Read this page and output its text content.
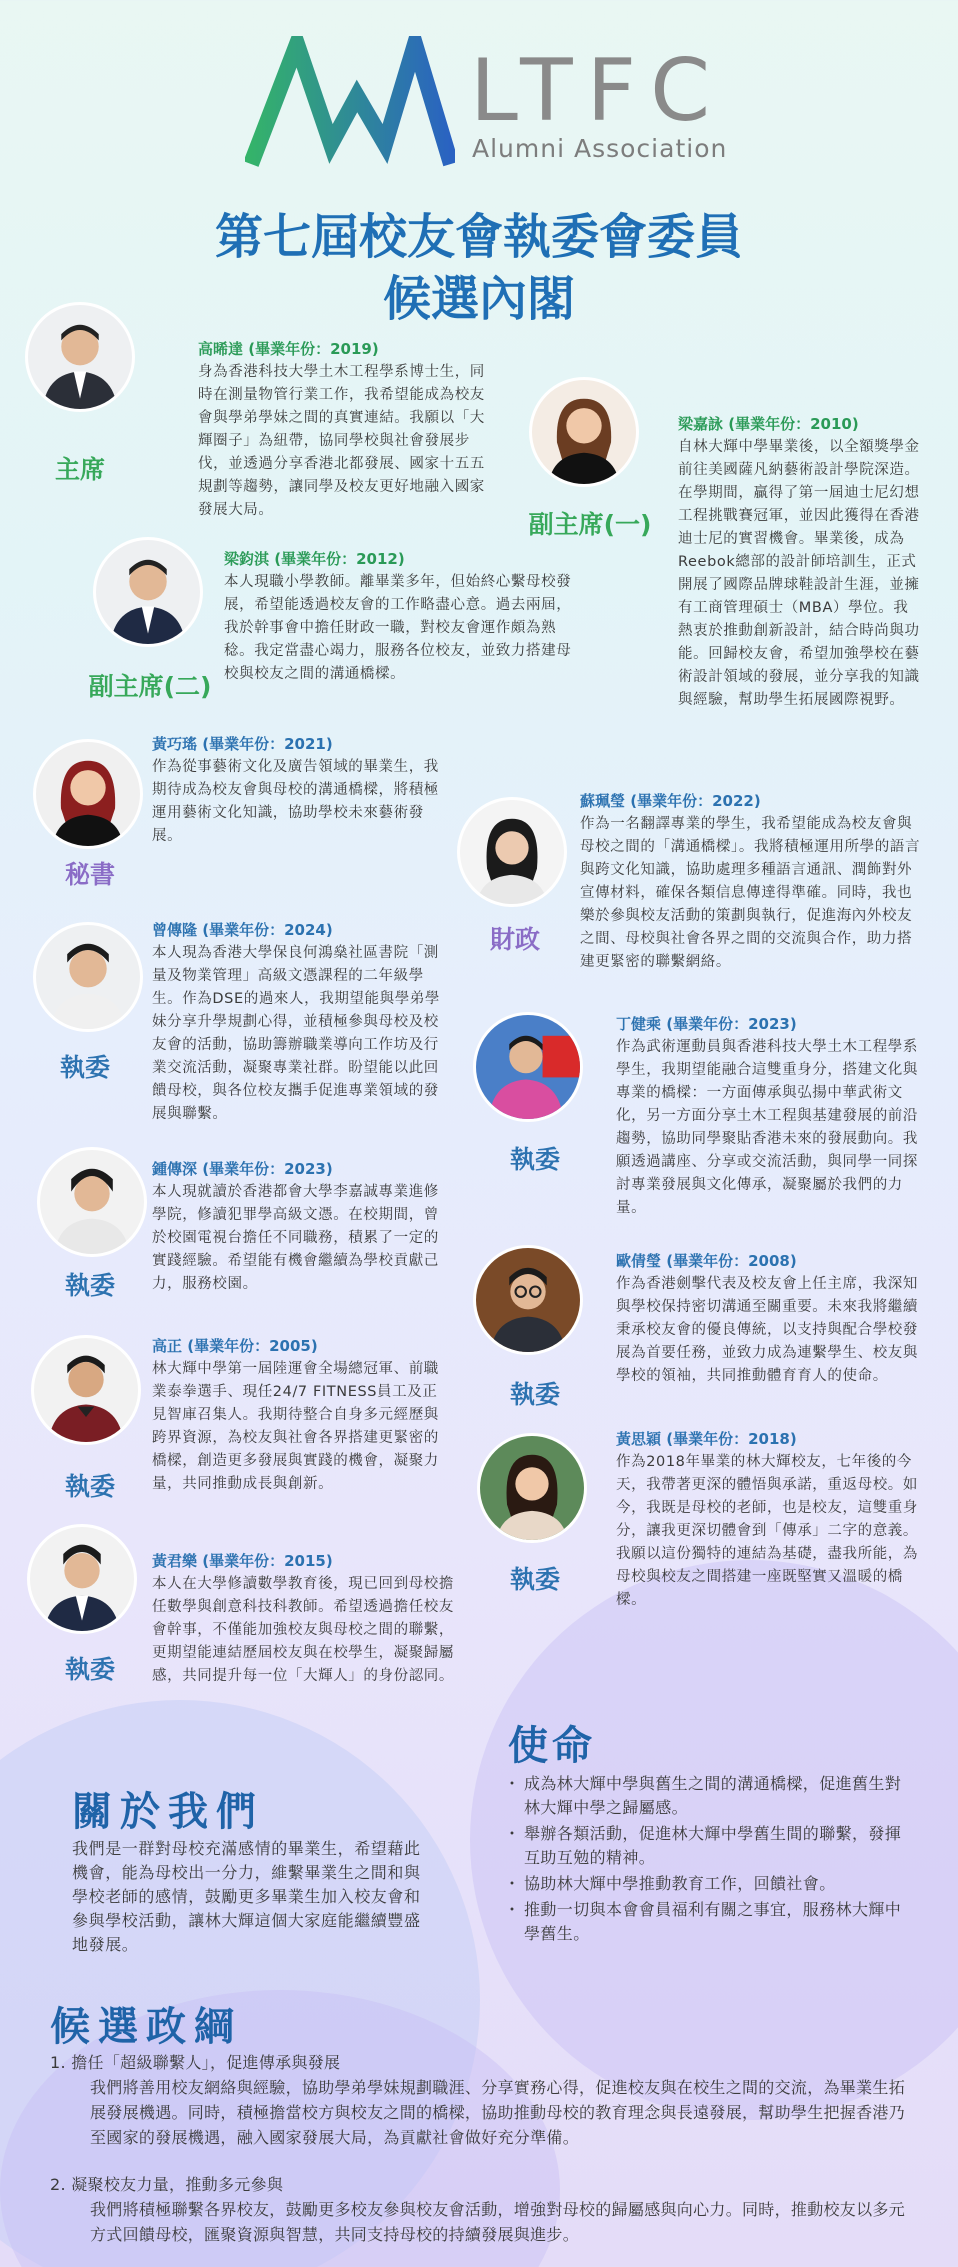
LTFC
Alumni Association
第七屆校友會執委會委員
候選內閣
主席
高晞達 (畢業年份：2019)
身為香港科技大學土木工程學系博士生，同時在測量物管行業工作，我希望能成為校友會與學弟學妹之間的真實連結。我願以「大輝圈子」為紐帶，協同學校與社會發展步伐，並透過分享香港北都發展、國家十五五規劃等趨勢，讓同學及校友更好地融入國家發展大局。	副主席(一)
梁嘉詠 (畢業年份：2010)
自林大輝中學畢業後，以全額獎學金前往美國薩凡納藝術設計學院深造。在學期間，贏得了第一屆迪士尼幻想工程挑戰賽冠軍，並因此獲得在香港迪士尼的實習機會。畢業後，成為Reebok總部的設計師培訓生，正式開展了國際品牌球鞋設計生涯，並擁有工商管理碩士（MBA）學位。我熱衷於推動創新設計，結合時尚與功能。回歸校友會，希望加強學校在藝術設計領域的發展，並分享我的知識與經驗，幫助學生拓展國際視野。
副主席(二)
梁鈞淇 (畢業年份：2012)
本人現職小學教師。離畢業多年，但始終心繫母校發展，希望能透過校友會的工作略盡心意。過去兩屆，我於幹事會中擔任財政一職，對校友會運作頗為熟稔。我定當盡心竭力，服務各位校友，並致力搭建母校與校友之間的溝通橋樑。
秘書
黃巧瑤 (畢業年份：2021)
作為從事藝術文化及廣告領域的畢業生，我期待成為校友會與母校的溝通橋樑，將積極運用藝術文化知識，協助學校未來藝術發展。
財政
蘇珮瑩 (畢業年份：2022)
作為一名翻譯專業的學生，我希望能成為校友會與母校之間的「溝通橋樑」。我將積極運用所學的語言與跨文化知識，協助處理多種語言通訊、潤飾對外宣傳材料，確保各類信息傳達得準確。同時，我也樂於參與校友活動的策劃與執行，促進海內外校友之間、母校與社會各界之間的交流與合作，助力搭建更緊密的聯繫網絡。
執委
曾傳隆 (畢業年份：2024)
本人現為香港大學保良何鴻燊社區書院「測量及物業管理」高級文憑課程的二年級學生。作為DSE的過來人，我期望能與學弟學妹分享升學規劃心得，並積極參與母校及校友會的活動，協助籌辦職業導向工作坊及行業交流活動，凝聚專業社群。盼望能以此回饋母校，與各位校友攜手促進專業領域的發展與聯繫。
執委
丁健乘 (畢業年份：2023)
作為武術運動員與香港科技大學土木工程學系學生，我期望能融合這雙重身分，搭建文化與專業的橋樑：一方面傳承與弘揚中華武術文化，另一方面分享土木工程與基建發展的前沿趨勢，協助同學聚貼香港未來的發展動向。我願透過講座、分享或交流活動，與同學一同探討專業發展與文化傳承，凝聚屬於我們的力量。
執委
鍾傳深 (畢業年份：2023)
本人現就讀於香港都會大學李嘉誠專業進修學院，修讀犯罪學高級文憑。在校期間，曾於校園電視台擔任不同職務，積累了一定的實踐經驗。希望能有機會繼續為學校貢獻己力，服務校園。
執委
歐倩瑩 (畢業年份：2008)
作為香港劍擊代表及校友會上任主席，我深知與學校保持密切溝通至關重要。未來我將繼續秉承校友會的優良傳統，以支持與配合學校發展為首要任務，並致力成為連繫學生、校友與學校的領袖，共同推動體育育人的使命。
執委
高正 (畢業年份：2005)
林大輝中學第一屆陸運會全場總冠軍、前職業泰拳選手、現任24/7 FITNESS員工及正見智庫召集人。我期待整合自身多元經歷與跨界資源，為校友與社會各界搭建更緊密的橋樑，創造更多發展與實踐的機會，凝聚力量，共同推動成長與創新。
執委
黃思穎 (畢業年份：2018)
作為2018年畢業的林大輝校友，七年後的今天，我帶著更深的體悟與承諾，重返母校。如今，我既是母校的老師，也是校友，這雙重身分，讓我更深切體會到「傳承」二字的意義。我願以這份獨特的連結為基礎，盡我所能，為母校與校友之間搭建一座既堅實又溫暖的橋樑。
執委
黃君樂 (畢業年份：2015)
本人在大學修讀數學教育後，現已回到母校擔任數學與創意科技科教師。希望透過擔任校友會幹事，不僅能加強校友與母校之間的聯繫，更期望能連結歷屆校友與在校學生，凝聚歸屬感，共同提升每一位「大輝人」的身份認同。
關於我們
我們是一群對母校充滿感情的畢業生，希望藉此機會，能為母校出一分力，維繫畢業生之間和與學校老師的感情，鼓勵更多畢業生加入校友會和參與學校活動，讓林大輝這個大家庭能繼續豐盛地發展。
使命
・ 成為林大輝中學與舊生之間的溝通橋樑，促進舊生對林大輝中學之歸屬感。
・ 舉辦各類活動，促進林大輝中學舊生間的聯繫，發揮互助互勉的精神。
・ 協助林大輝中學推動教育工作，回饋社會。
・ 推動一切與本會會員福利有關之事宜，服務林大輝中學舊生。
候選政綱
1. 擔任「超級聯繫人」，促進傳承與發展
我們將善用校友網絡與經驗，協助學弟學妹規劃職涯、分享實務心得，促進校友與在校生之間的交流，為畢業生拓展發展機遇。同時，積極擔當校方與校友之間的橋樑，協助推動母校的教育理念與長遠發展，幫助學生把握香港乃至國家的發展機遇，融入國家發展大局，為貢獻社會做好充分準備。
2. 凝聚校友力量，推動多元參與
我們將積極聯繫各界校友，鼓勵更多校友參與校友會活動，增強對母校的歸屬感與向心力。同時，推動校友以多元方式回饋母校，匯聚資源與智慧，共同支持母校的持續發展與進步。
